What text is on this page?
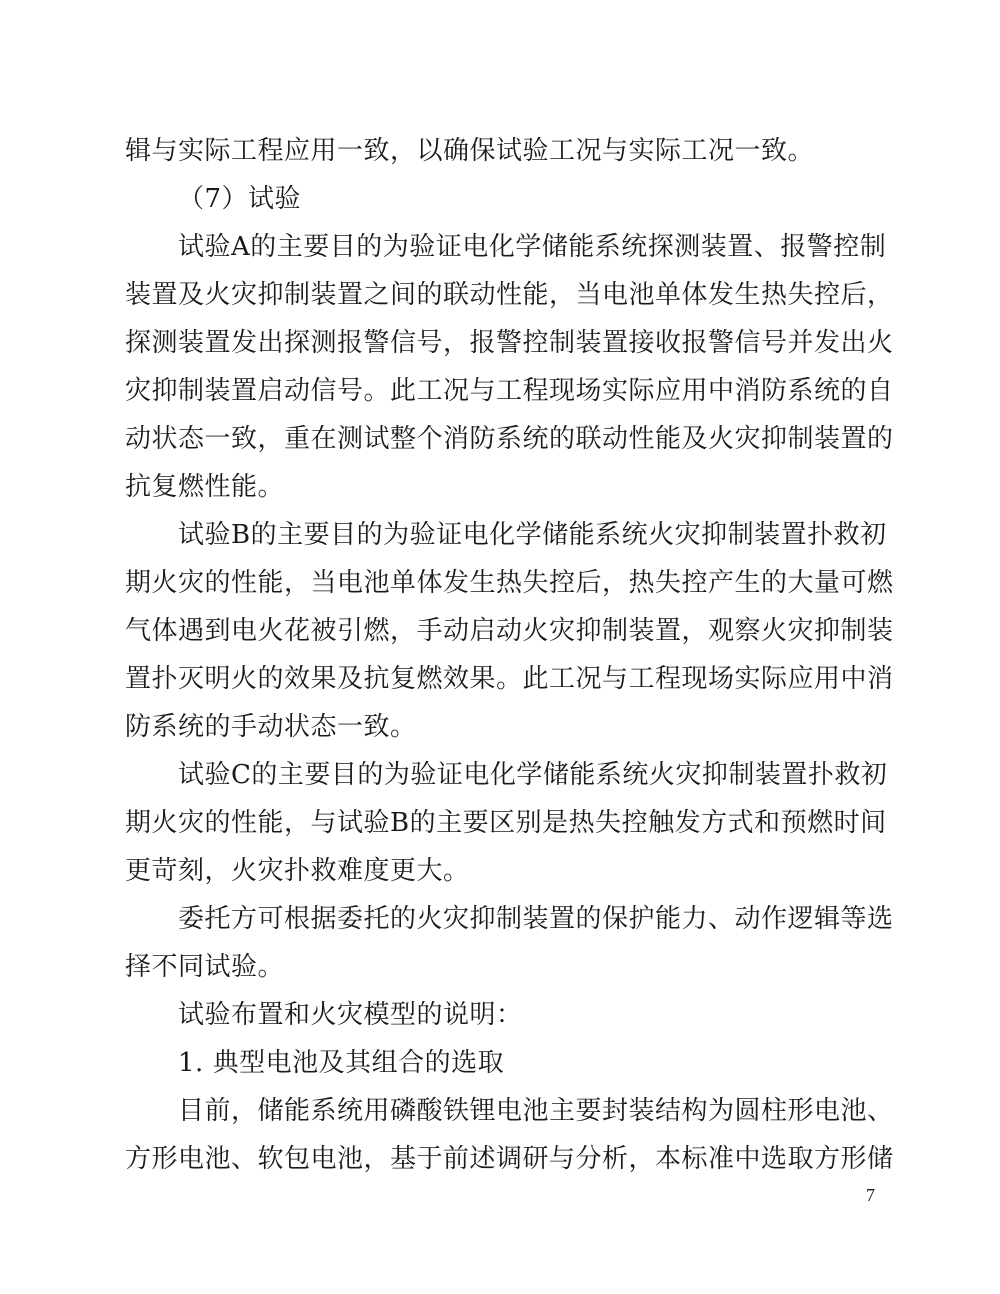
辑与实际工程应用一致，以确保试验工况与实际工况一致。
（7）试验
试验A的主要目的为验证电化学储能系统探测装置、报警控制
装置及火灾抑制装置之间的联动性能，当电池单体发生热失控后，
探测装置发出探测报警信号，报警控制装置接收报警信号并发出火
灾抑制装置启动信号。此工况与工程现场实际应用中消防系统的自
动状态一致，重在测试整个消防系统的联动性能及火灾抑制装置的
抗复燃性能。
试验B的主要目的为验证电化学储能系统火灾抑制装置扑救初
期火灾的性能，当电池单体发生热失控后，热失控产生的大量可燃
气体遇到电火花被引燃，手动启动火灾抑制装置，观察火灾抑制装
置扑灭明火的效果及抗复燃效果。此工况与工程现场实际应用中消
防系统的手动状态一致。
试验C的主要目的为验证电化学储能系统火灾抑制装置扑救初
期火灾的性能，与试验B的主要区别是热失控触发方式和预燃时间
更苛刻，火灾扑救难度更大。
委托方可根据委托的火灾抑制装置的保护能力、动作逻辑等选
择不同试验。
试验布置和火灾模型的说明：
1. 典型电池及其组合的选取
目前，储能系统用磷酸铁锂电池主要封装结构为圆柱形电池、
方形电池、软包电池，基于前述调研与分析，本标准中选取方形储
7
